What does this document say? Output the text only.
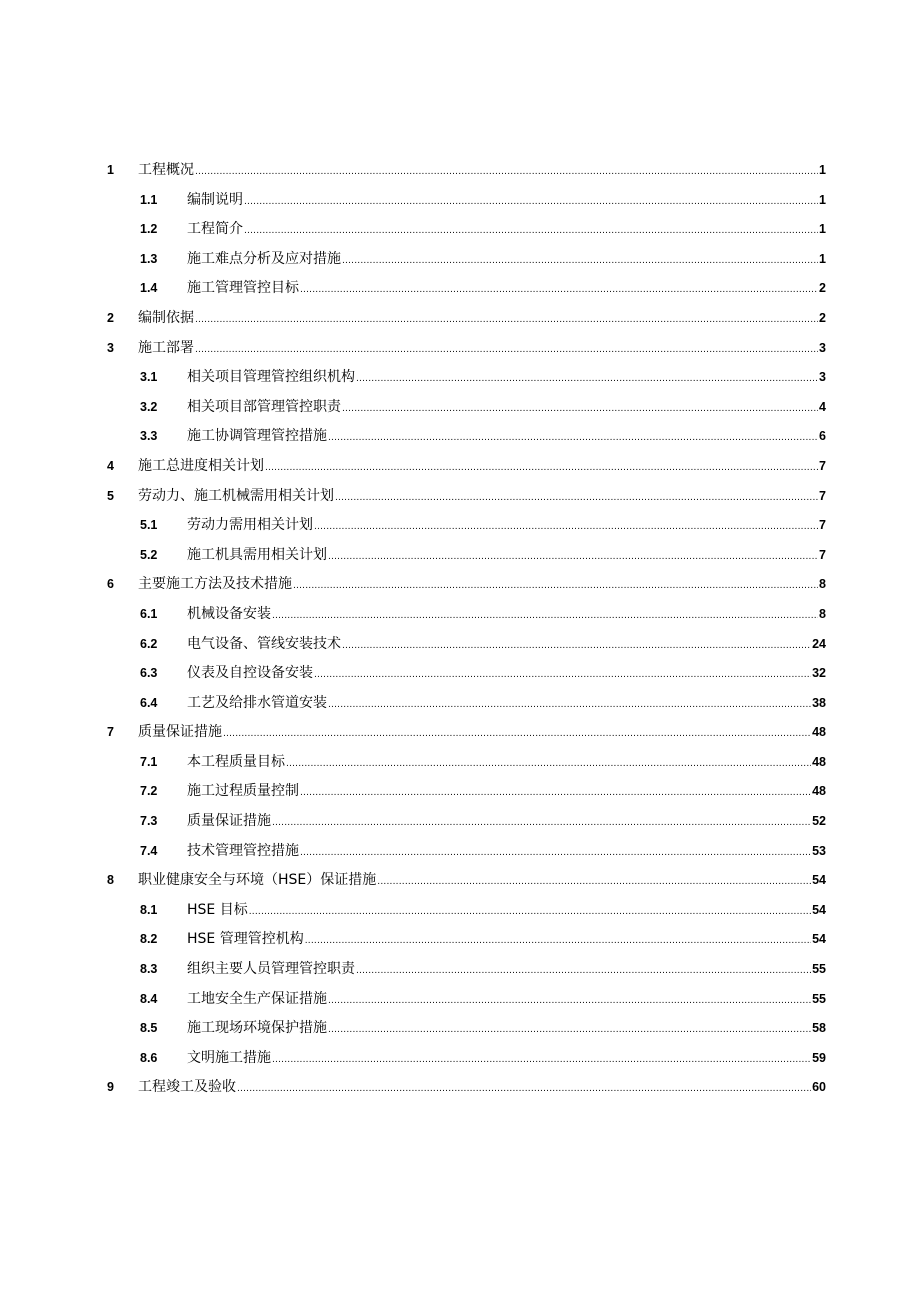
1 工程概况 .....	1
1.1 编制说明 .....	1
1.2 工程简介 .....	1
1.3 施工难点分析及应对措施 .....	1
1.4 施工管理管控目标 .....	2
2 编制依据 .....	2
3 施工部署 .....	3
3.1 相关项目管理管控组织机构 .....	3
3.2 相关项目部管理管控职责 .....	4
3.3 施工协调管理管控措施 .....	6
4 施工总进度相关计划 .....	7
5 劳动力、施工机械需用相关计划 .....	7
5.1 劳动力需用相关计划 .....	7
5.2 施工机具需用相关计划 .....	7
6 主要施工方法及技术措施 .....	8
6.1 机械设备安装 .....	8
6.2 电气设备、管线安装技术 .....	24
6.3 仪表及自控设备安装 .....	32
6.4 工艺及给排水管道安装 .....	38
7 质量保证措施 .....	48
7.1 本工程质量目标 .....	48
7.2 施工过程质量控制 .....	48
7.3 质量保证措施 .....	52
7.4 技术管理管控措施 .....	53
8 职业健康安全与环境（HSE）保证措施 .....	54
8.1 HSE 目标 .....	54
8.2 HSE 管理管控机构 .....	54
8.3 组织主要人员管理管控职责 .....	55
8.4 工地安全生产保证措施 .....	55
8.5 施工现场环境保护措施 .....	58
8.6 文明施工措施 .....	59
9 工程竣工及验收 .....	60
